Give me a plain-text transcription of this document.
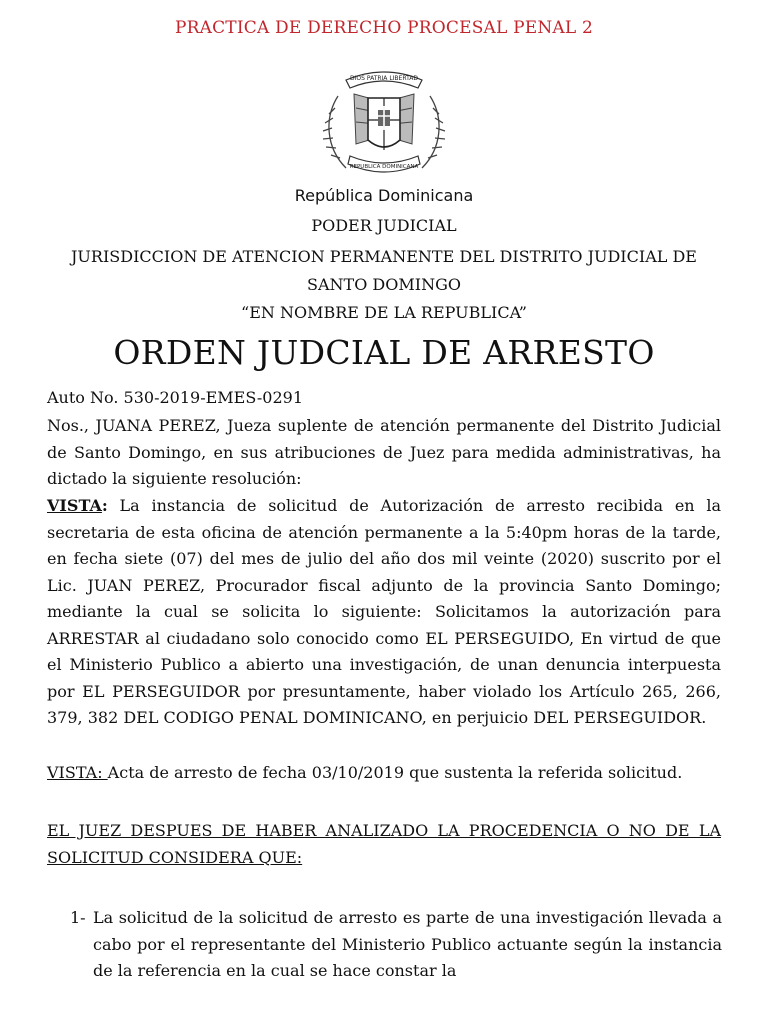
PRACTICA DE DERECHO PROCESAL PENAL 2
DIOS PATRIA LIBERTAD
REPUBLICA DOMINICANA
República Dominicana
PODER JUDICIAL
JURISDICCION DE ATENCION PERMANENTE DEL DISTRITO JUDICIAL DE
SANTO DOMINGO
“EN NOMBRE DE LA REPUBLICA”
ORDEN JUDCIAL DE ARRESTO
Auto No. 530-2019-EMES-0291
Nos., JUANA PEREZ, Jueza suplente de atención permanente del Distrito Judicial de Santo Domingo, en sus atribuciones de Juez para medida administrativas, ha dictado la siguiente resolución:
VISTA: La instancia de solicitud de Autorización de arresto recibida en la secretaria de esta oficina de atención permanente a la 5:40pm horas de la tarde, en fecha siete (07) del mes de julio del año dos mil veinte (2020) suscrito por el Lic. JUAN PEREZ, Procurador fiscal adjunto de la provincia Santo Domingo; mediante la cual se solicita lo siguiente: Solicitamos la autorización para ARRESTAR al ciudadano solo conocido como EL PERSEGUIDO, En virtud de que el Ministerio Publico a abierto una investigación, de unan denuncia interpuesta por EL PERSEGUIDOR por presuntamente, haber violado los Artículo 265, 266, 379, 382 DEL CODIGO PENAL DOMINICANO, en perjuicio DEL PERSEGUIDOR.
VISTA: Acta de arresto de fecha 03/10/2019 que sustenta la referida solicitud.
EL JUEZ DESPUES DE HABER ANALIZADO LA PROCEDENCIA O NO DE LA SOLICITUD CONSIDERA QUE:
1- La solicitud de la solicitud de arresto es parte de una investigación llevada a cabo por el representante del Ministerio Publico actuante según la instancia de la referencia en la cual se hace constar la
